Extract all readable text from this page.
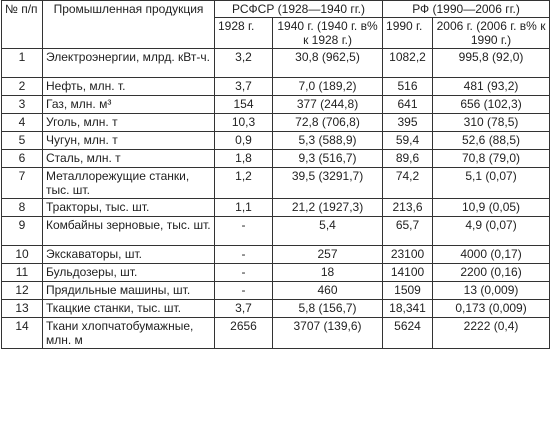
№ п/п	Промышленная продукция	РСФСР (1928—1940 гг.)		РФ (1990—2006 гг.)	
		1928 г.	1940 г. (1940 г. в% к 1928 г.)	1990 г.	2006 г. (2006 г. в% к 1990 г.)
1	Электроэнергии, млрд. кВт-ч.	3,2	30,8 (962,5)	1082,2	995,8 (92,0)
2	Нефть, млн. т.	3,7	7,0 (189,2)	516	481 (93,2)
3	Газ, млн. м³	154	377 (244,8)	641	656 (102,3)
4	Уголь, млн. т	10,3	72,8 (706,8)	395	310 (78,5)
5	Чугун, млн. т	0,9	5,3 (588,9)	59,4	52,6 (88,5)
6	Сталь, млн. т	1,8	9,3 (516,7)	89,6	70,8 (79,0)
7	Металлорежущие станки, тыс. шт.	1,2	39,5 (3291,7)	74,2	5,1 (0,07)
8	Тракторы, тыс. шт.	1,1	21,2 (1927,3)	213,6	10,9 (0,05)
9	Комбайны зерновые, тыс. шт.	-	5,4	65,7	4,9 (0,07)
10	Экскаваторы, шт.	-	257	23100	4000 (0,17)
11	Бульдозеры, шт.	-	18	14100	2200 (0,16)
12	Прядильные машины, шт.	-	460	1509	13 (0,009)
13	Ткацкие станки, тыс. шт.	3,7	5,8 (156,7)	18,341	0,173 (0,009)
14	Ткани хлопчатобумажные, млн. м	2656	3707 (139,6)	5624	2222 (0,4)
